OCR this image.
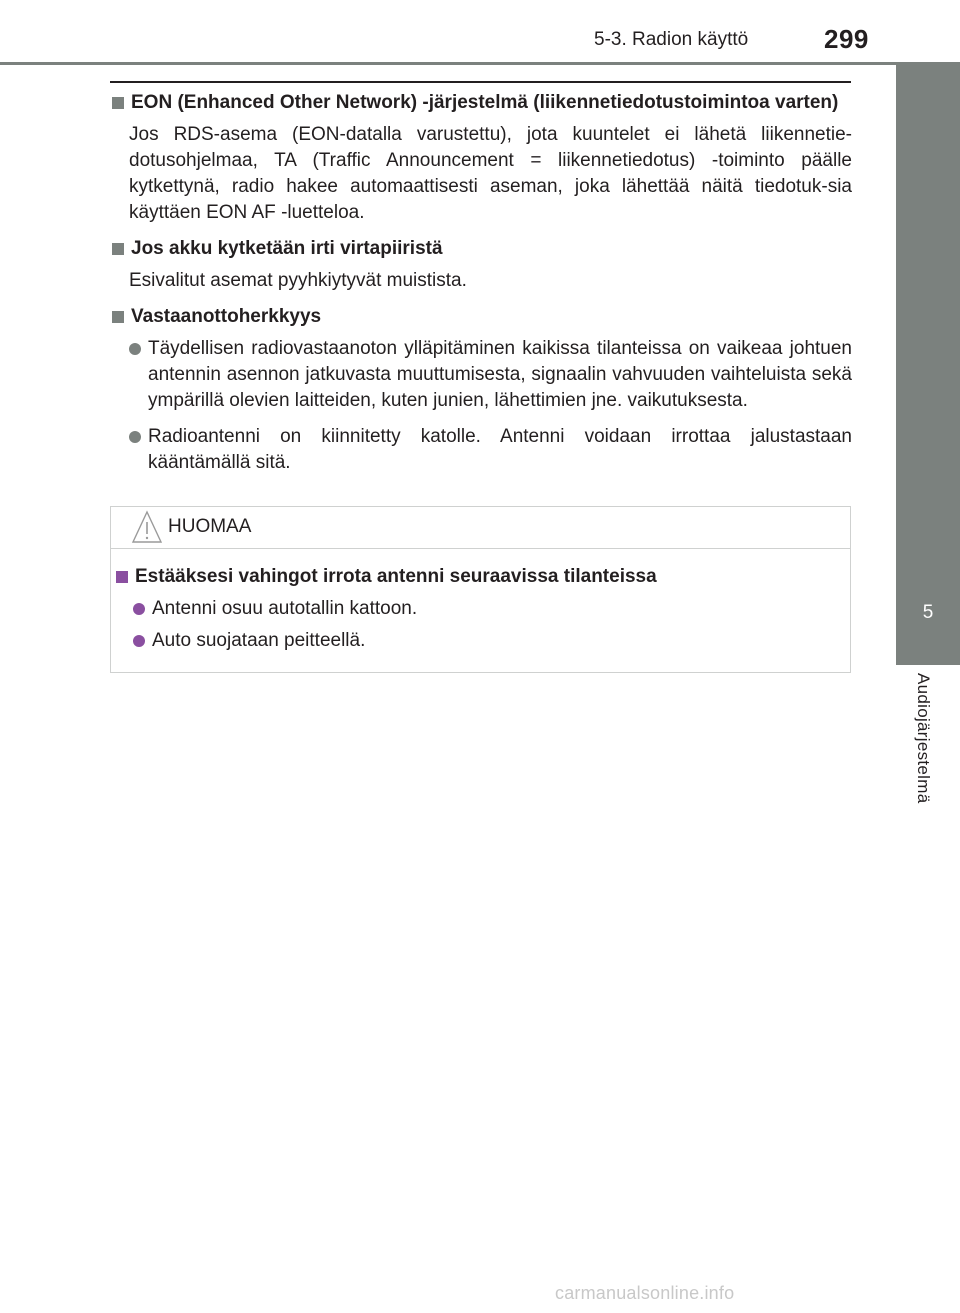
5-3. Radion käyttö	299
5
Audiojärjestelmä
EON (Enhanced Other Network) -järjestelmä (liikennetiedotustoimintoa varten)

Jos RDS-asema (EON-datalla varustettu), jota kuuntelet ei lähetä liikennetie-dotusohjelmaa, TA (Traffic Announcement = liikennetiedotus) -toiminto päälle kytkettynä, radio hakee automaattisesti aseman, joka lähettää näitä tiedotuk-sia käyttäen EON AF -luetteloa.

Jos akku kytketään irti virtapiiristä

Esivalitut asemat pyyhkiytyvät muistista.

Vastaanottoherkkyys
Täydellisen radiovastaanoton ylläpitäminen kaikissa tilanteissa on vaikeaa johtuen antennin asennon jatkuvasta muuttumisesta, signaalin vahvuuden vaihteluista sekä ympärillä olevien laitteiden, kuten junien, lähettimien jne. vaikutuksesta.
Radioantenni on kiinnitetty katolle. Antenni voidaan irrottaa jalustastaan kääntämällä sitä.
HUOMAA
Estääksesi vahingot irrota antenni seuraavissa tilanteissa
Antenni osuu autotallin kattoon.
Auto suojataan peitteellä.
carmanualsonline.info
